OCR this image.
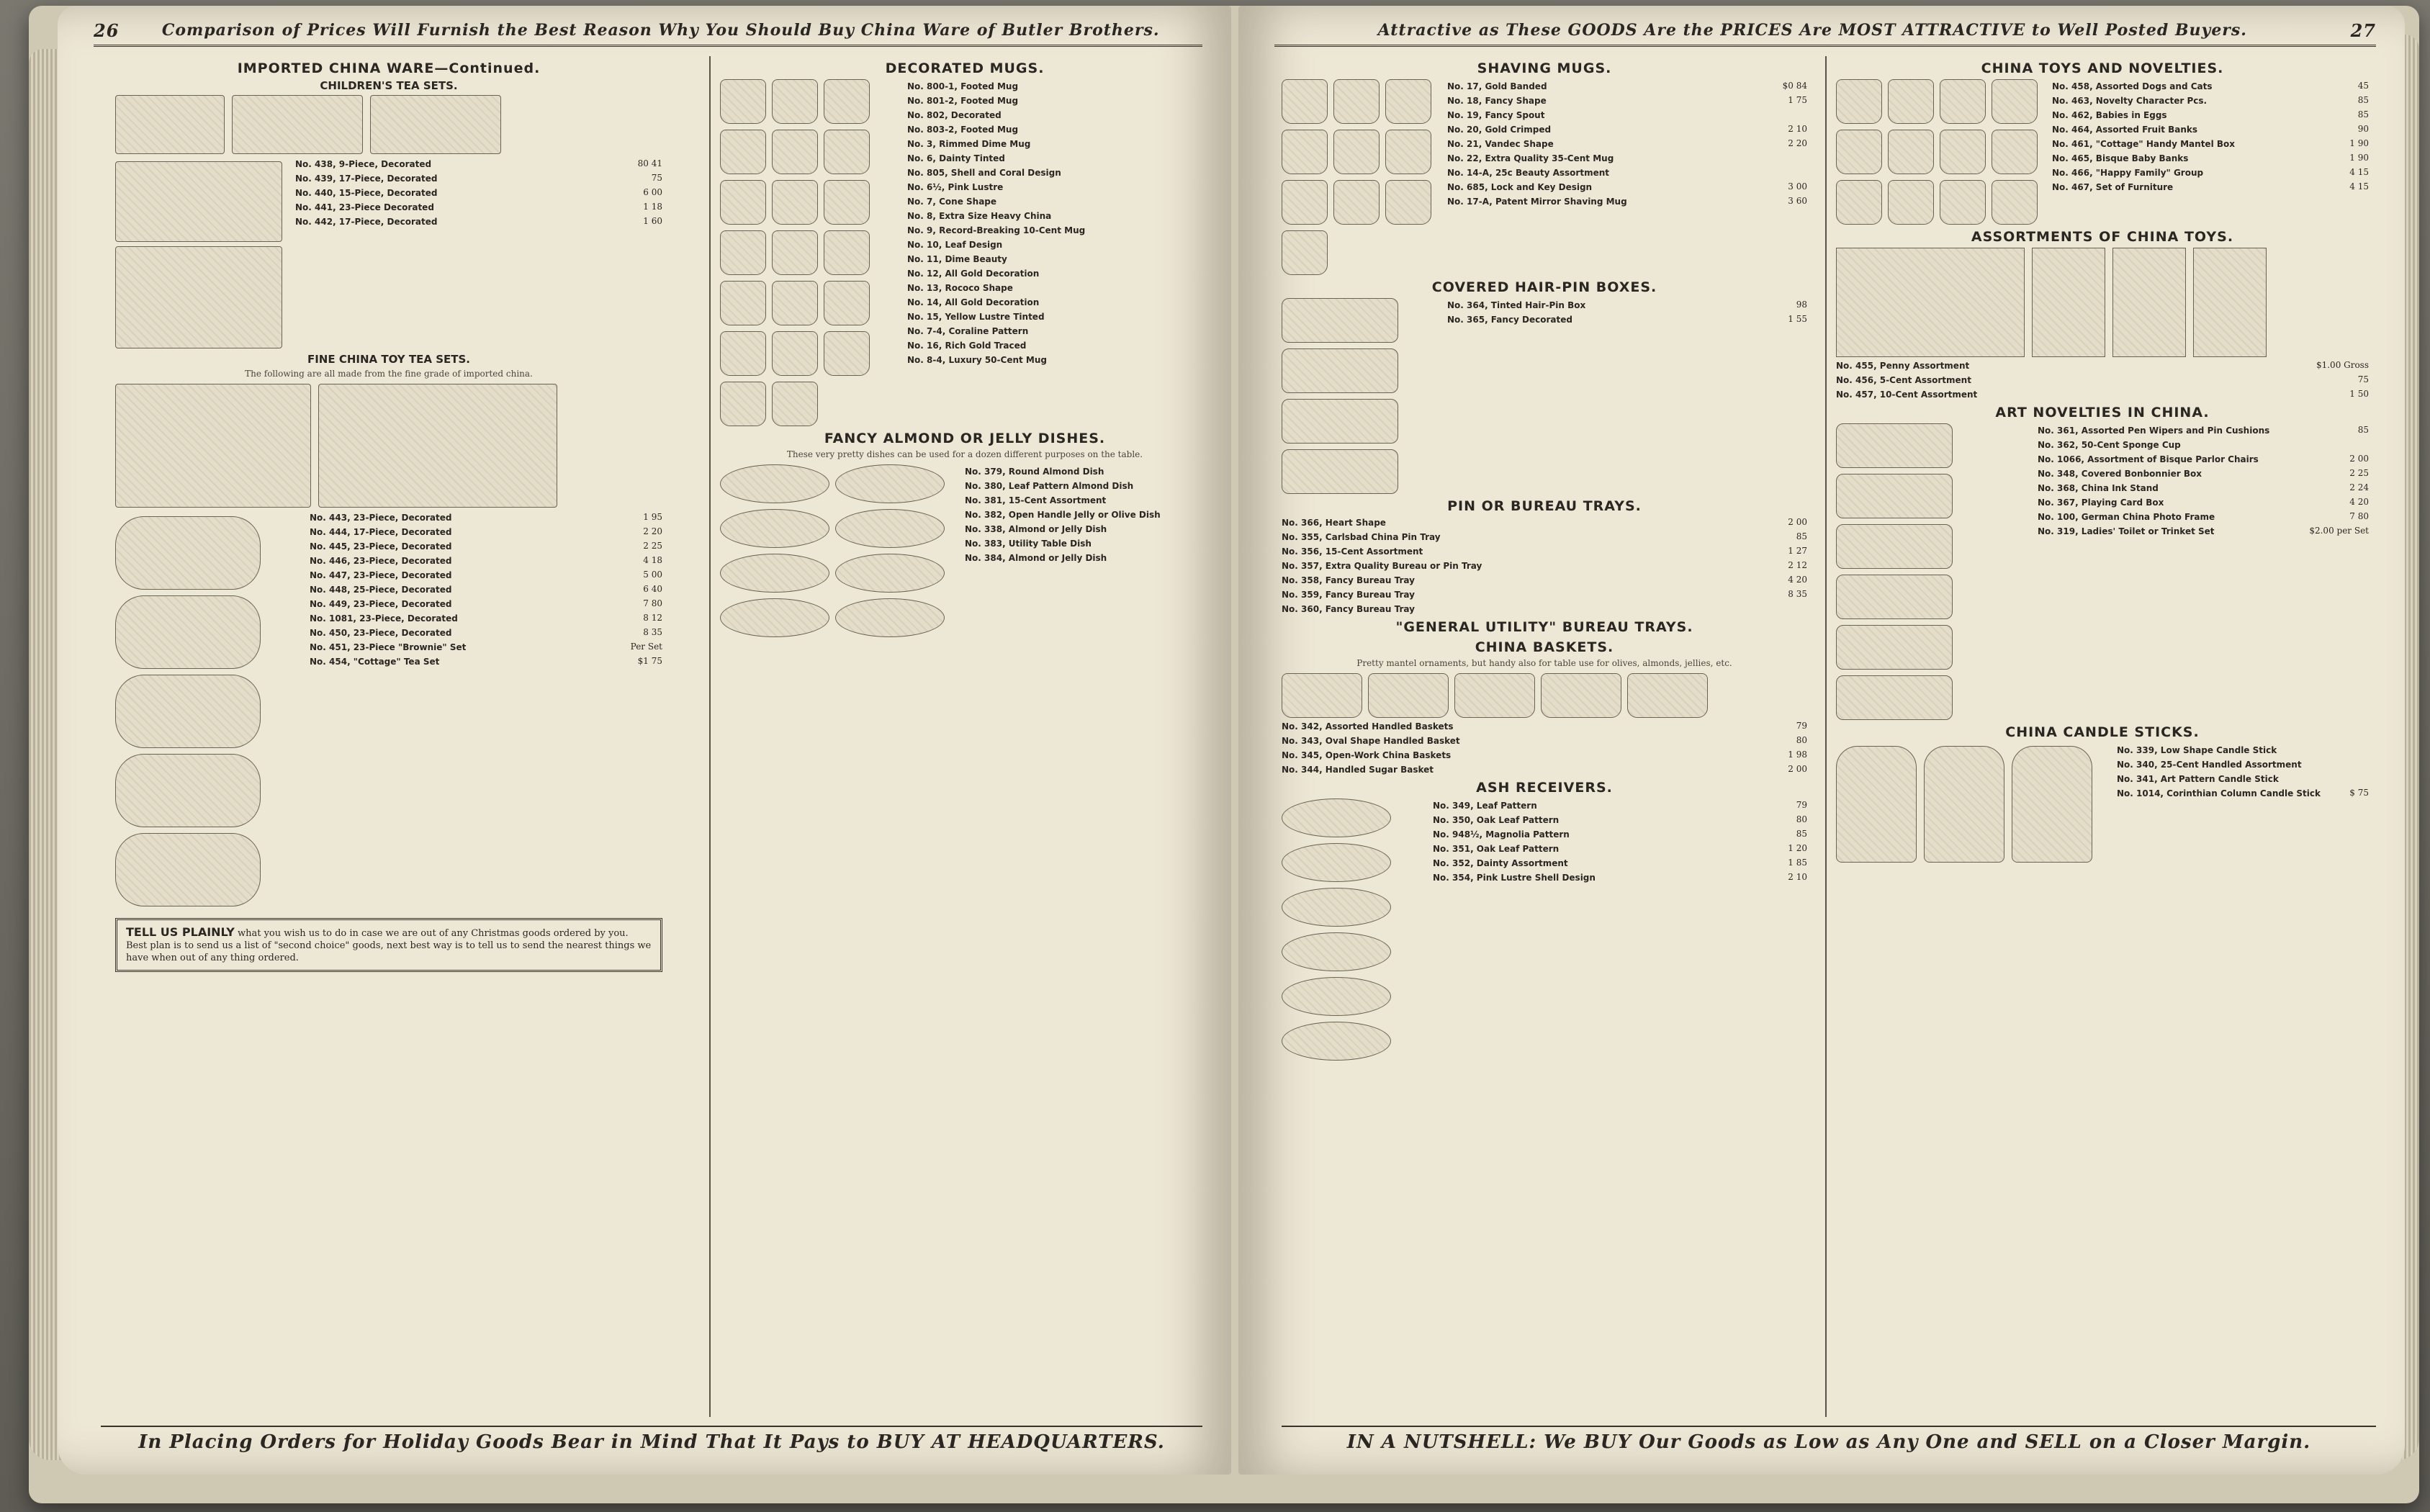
26	Comparison of Prices Will Furnish the Best Reason Why You Should Buy China Ware of Butler Brothers.
IMPORTED CHINA WARE—Continued.
CHILDREN'S TEA SETS.
80 41
No. 438, 9-Piece, Decorated
75
No. 439, 17-Piece, Decorated
6 00
No. 440, 15-Piece, Decorated
1 18
No. 441, 23-Piece Decorated
1 60
No. 442, 17-Piece, Decorated
FINE CHINA TOY TEA SETS.
The following are all made from the fine grade of imported china.
1 95
No. 443, 23-Piece, Decorated
2 20
No. 444, 17-Piece, Decorated
2 25
No. 445, 23-Piece, Decorated
4 18
No. 446, 23-Piece, Decorated
5 00
No. 447, 23-Piece, Decorated
6 40
No. 448, 25-Piece, Decorated
7 80
No. 449, 23-Piece, Decorated
8 12
No. 1081, 23-Piece, Decorated
8 35
No. 450, 23-Piece, Decorated
Per Set
No. 451, 23-Piece "Brownie" Set
$1 75
No. 454, "Cottage" Tea Set
TELL US PLAINLY what you wish us to do in case we are out of any Christmas goods ordered by you. Best plan is to send us a list of "second choice" goods, next best way is to tell us to send the nearest things we have when out of any thing ordered.
DECORATED MUGS.
No. 800-1, Footed Mug
No. 801-2, Footed Mug
No. 802, Decorated
No. 803-2, Footed Mug
No. 3, Rimmed Dime Mug
No. 6, Dainty Tinted
No. 805, Shell and Coral Design
No. 6½, Pink Lustre
No. 7, Cone Shape
No. 8, Extra Size Heavy China
No. 9, Record-Breaking 10-Cent Mug
No. 10, Leaf Design
No. 11, Dime Beauty
No. 12, All Gold Decoration
No. 13, Rococo Shape
No. 14, All Gold Decoration
No. 15, Yellow Lustre Tinted
No. 7-4, Coraline Pattern
No. 16, Rich Gold Traced
No. 8-4, Luxury 50-Cent Mug
FANCY ALMOND OR JELLY DISHES.
These very pretty dishes can be used for a dozen different purposes on the table.
No. 379, Round Almond Dish
No. 380, Leaf Pattern Almond Dish
No. 381, 15-Cent Assortment
No. 382, Open Handle Jelly or Olive Dish
No. 338, Almond or Jelly Dish
No. 383, Utility Table Dish
No. 384, Almond or Jelly Dish
In Placing Orders for Holiday Goods Bear in Mind That It Pays to BUY AT HEADQUARTERS.
Attractive as These GOODS Are the PRICES Are MOST ATTRACTIVE to Well Posted Buyers.	27
SHAVING MUGS.
$0 84
No. 17, Gold Banded
1 75
No. 18, Fancy Shape
No. 19, Fancy Spout
2 10
No. 20, Gold Crimped
2 20
No. 21, Vandec Shape
No. 22, Extra Quality 35-Cent Mug
No. 14-A, 25c Beauty Assortment
3 00
No. 685, Lock and Key Design
3 60
No. 17-A, Patent Mirror Shaving Mug
COVERED HAIR-PIN BOXES.
98
No. 364, Tinted Hair-Pin Box
1 55
No. 365, Fancy Decorated
PIN OR BUREAU TRAYS.
2 00
No. 366, Heart Shape
85
No. 355, Carlsbad China Pin Tray
1 27
No. 356, 15-Cent Assortment
2 12
No. 357, Extra Quality Bureau or Pin Tray
4 20
No. 358, Fancy Bureau Tray
8 35
No. 359, Fancy Bureau Tray
No. 360, Fancy Bureau Tray
"GENERAL UTILITY" BUREAU TRAYS.
CHINA BASKETS.
Pretty mantel ornaments, but handy also for table use for olives, almonds, jellies, etc.
79
No. 342, Assorted Handled Baskets
80
No. 343, Oval Shape Handled Basket
1 98
No. 345, Open-Work China Baskets
2 00
No. 344, Handled Sugar Basket
ASH RECEIVERS.
79
No. 349, Leaf Pattern
80
No. 350, Oak Leaf Pattern
85
No. 948½, Magnolia Pattern
1 20
No. 351, Oak Leaf Pattern
1 85
No. 352, Dainty Assortment
2 10
No. 354, Pink Lustre Shell Design
CHINA TOYS AND NOVELTIES.
45
No. 458, Assorted Dogs and Cats
85
No. 463, Novelty Character Pcs.
85
No. 462, Babies in Eggs
90
No. 464, Assorted Fruit Banks
1 90
No. 461, "Cottage" Handy Mantel Box
1 90
No. 465, Bisque Baby Banks
4 15
No. 466, "Happy Family" Group
4 15
No. 467, Set of Furniture
ASSORTMENTS OF CHINA TOYS.
$1.00 Gross
No. 455, Penny Assortment
75
No. 456, 5-Cent Assortment
1 50
No. 457, 10-Cent Assortment
ART NOVELTIES IN CHINA.
85
No. 361, Assorted Pen Wipers and Pin Cushions
No. 362, 50-Cent Sponge Cup
2 00
No. 1066, Assortment of Bisque Parlor Chairs
2 25
No. 348, Covered Bonbonnier Box
2 24
No. 368, China Ink Stand
4 20
No. 367, Playing Card Box
7 80
No. 100, German China Photo Frame
$2.00 per Set
No. 319, Ladies' Toilet or Trinket Set
CHINA CANDLE STICKS.
No. 339, Low Shape Candle Stick
No. 340, 25-Cent Handled Assortment
No. 341, Art Pattern Candle Stick
$ 75
No. 1014, Corinthian Column Candle Stick
IN A NUTSHELL: We BUY Our Goods as Low as Any One and SELL on a Closer Margin.
